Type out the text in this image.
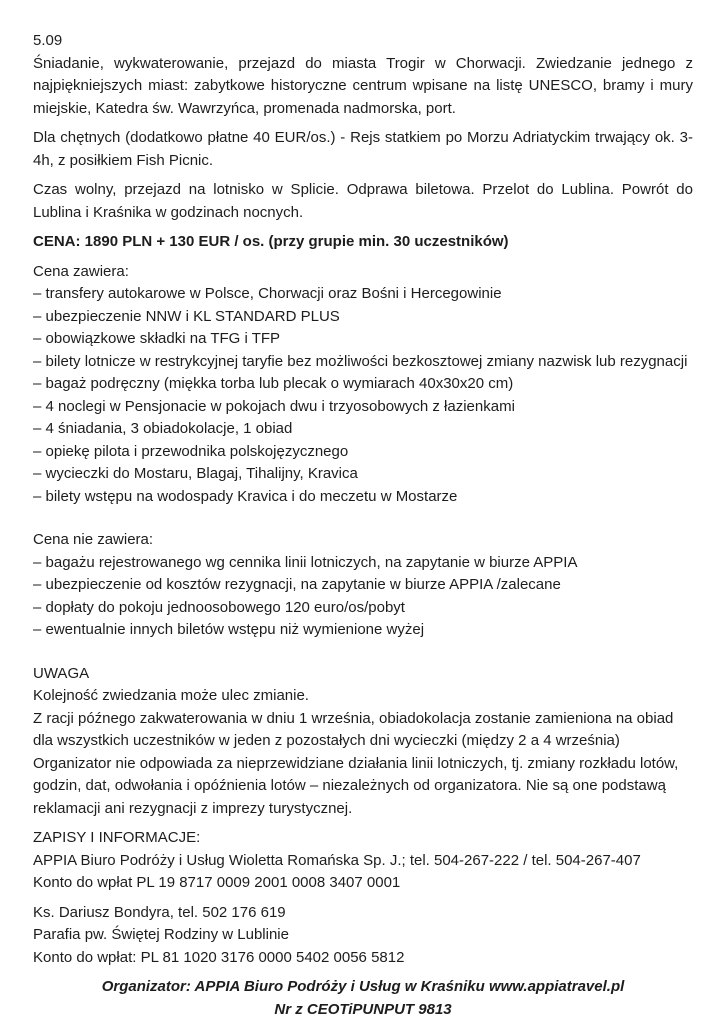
5.09

Śniadanie, wykwaterowanie, przejazd do miasta Trogir w Chorwacji. Zwiedzanie jednego z najpiękniejszych miast: zabytkowe historyczne centrum wpisane na listę UNESCO, bramy i mury miejskie, Katedra św. Wawrzyńca, promenada nadmorska, port.

Dla chętnych (dodatkowo płatne 40 EUR/os.) - Rejs statkiem po Morzu Adriatyckim trwający ok. 3-4h, z posiłkiem Fish Picnic.

Czas wolny, przejazd na lotnisko w Splicie. Odprawa biletowa. Przelot do Lublina. Powrót do Lublina i Kraśnika w godzinach nocnych.

CENA: 1890 PLN + 130 EUR / os. (przy grupie min. 30 uczestników)

Cena zawiera:
– transfery autokarowe w Polsce, Chorwacji oraz Bośni i Hercegowinie
– ubezpieczenie NNW i KL STANDARD PLUS
– obowiązkowe składki na TFG i TFP
– bilety lotnicze w restrykcyjnej taryfie bez możliwości bezkosztowej zmiany nazwisk lub rezygnacji
– bagaż podręczny (miękka torba lub plecak o wymiarach 40x30x20 cm)
– 4 noclegi w Pensjonacie w pokojach dwu i trzyosobowych z łazienkami
– 4 śniadania, 3 obiadokolacje, 1 obiad
– opiekę pilota i przewodnika polskojęzycznego
– wycieczki do Mostaru, Blagaj, Tihalijny, Kravica
– bilety wstępu na wodospady Kravica i do meczetu w Mostarze
Cena nie zawiera:
– bagażu rejestrowanego wg cennika linii lotniczych, na zapytanie w biurze APPIA
– ubezpieczenie od kosztów rezygnacji, na zapytanie w biurze APPIA /zalecane
– dopłaty do pokoju jednoosobowego 120 euro/os/pobyt
– ewentualnie innych biletów wstępu niż wymienione wyżej
UWAGA
Kolejność zwiedzania może ulec zmianie.
Z racji późnego zakwaterowania w dniu 1 września, obiadokolacja zostanie zamieniona na obiad dla wszystkich uczestników w jeden z pozostałych dni wycieczki (między 2 a 4 września) Organizator nie odpowiada za nieprzewidziane działania linii lotniczych, tj. zmiany rozkładu lotów, godzin, dat, odwołania i opóźnienia lotów – niezależnych od organizatora. Nie są one podstawą reklamacji ani rezygnacji z imprezy turystycznej.
ZAPISY I INFORMACJE:
APPIA Biuro Podróży i Usług Wioletta Romańska Sp. J.; tel. 504-267-222 / tel. 504-267-407
Konto do wpłat PL 19 8717 0009 2001 0008 3407 0001
Ks. Dariusz Bondyra, tel. 502 176 619
Parafia pw. Świętej Rodziny w Lublinie
Konto do wpłat: PL 81 1020 3176 0000 5402 0056 5812
Organizator: APPIA Biuro Podróży i Usług w Kraśniku www.appiatravel.pl
Nr z CEOTiPUNPUT 9813
